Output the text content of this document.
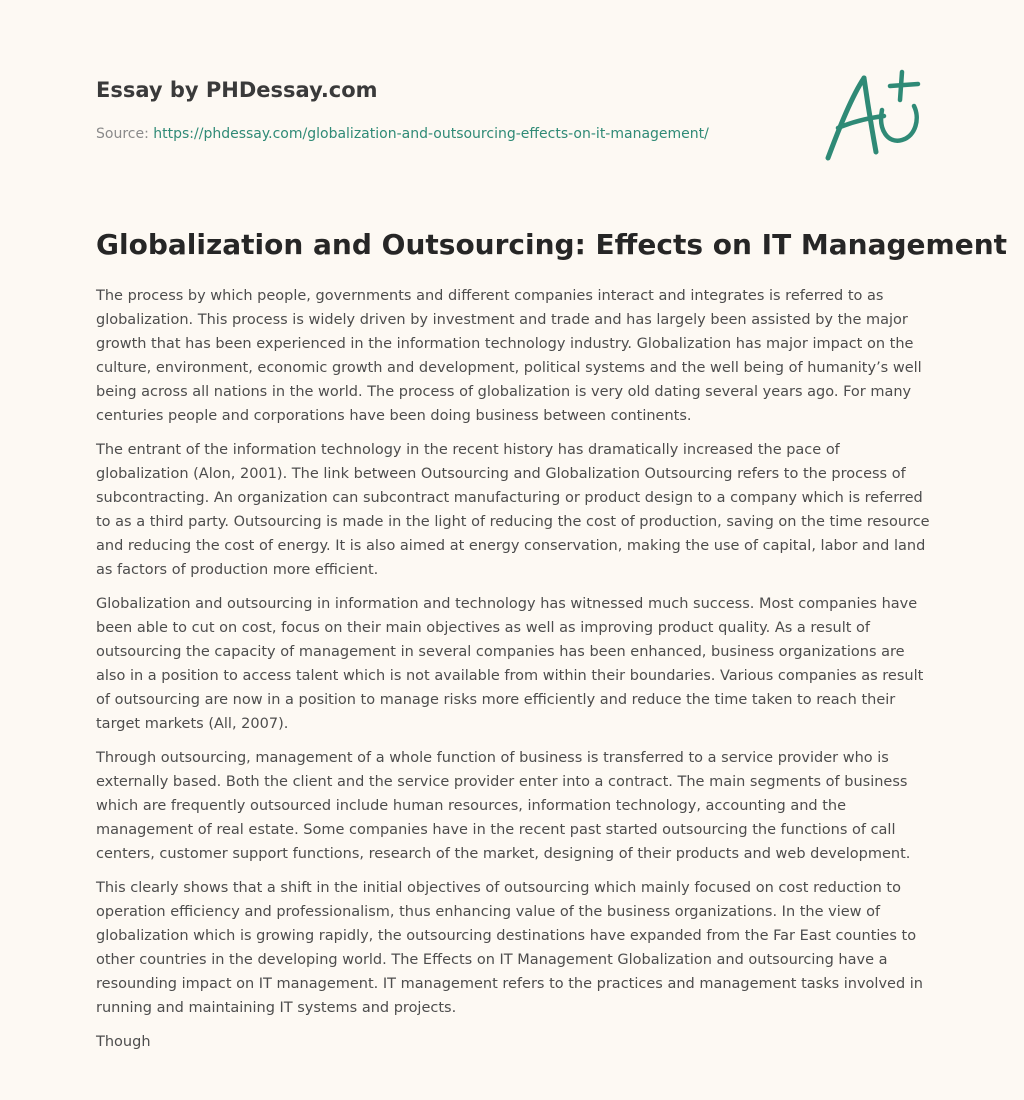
Essay by PHDessay.com
Source: https://phdessay.com/globalization-and-outsourcing-effects-on-it-management/
Globalization and Outsourcing: Effects on IT Management

The process by which people, governments and different companies interact and integrates is referred to as globalization. This process is widely driven by investment and trade and has largely been assisted by the major growth that has been experienced in the information technology industry. Globalization has major impact on the culture, environment, economic growth and development, political systems and the well being of humanity’s well being across all nations in the world. The process of globalization is very old dating several years ago. For many centuries people and corporations have been doing business between continents.

The entrant of the information technology in the recent history has dramatically increased the pace of globalization (Alon, 2001). The link between Outsourcing and Globalization Outsourcing refers to the process of subcontracting. An organization can subcontract manufacturing or product design to a company which is referred to as a third party. Outsourcing is made in the light of reducing the cost of production, saving on the time resource and reducing the cost of energy. It is also aimed at energy conservation, making the use of capital, labor and land as factors of production more efficient.

Globalization and outsourcing in information and technology has witnessed much success. Most companies have been able to cut on cost, focus on their main objectives as well as improving product quality. As a result of outsourcing the capacity of management in several companies has been enhanced, business organizations are also in a position to access talent which is not available from within their boundaries. Various companies as result of outsourcing are now in a position to manage risks more efficiently and reduce the time taken to reach their target markets (All, 2007).

Through outsourcing, management of a whole function of business is transferred to a service provider who is externally based. Both the client and the service provider enter into a contract. The main segments of business which are frequently outsourced include human resources, information technology, accounting and the management of real estate. Some companies have in the recent past started outsourcing the functions of call centers, customer support functions, research of the market, designing of their products and web development.

This clearly shows that a shift in the initial objectives of outsourcing which mainly focused on cost reduction to operation efficiency and professionalism, thus enhancing value of the business organizations. In the view of globalization which is growing rapidly, the outsourcing destinations have expanded from the Far East counties to other countries in the developing world. The Effects on IT Management Globalization and outsourcing have a resounding impact on IT management. IT management refers to the practices and management tasks involved in running and maintaining IT systems and projects.

Though
